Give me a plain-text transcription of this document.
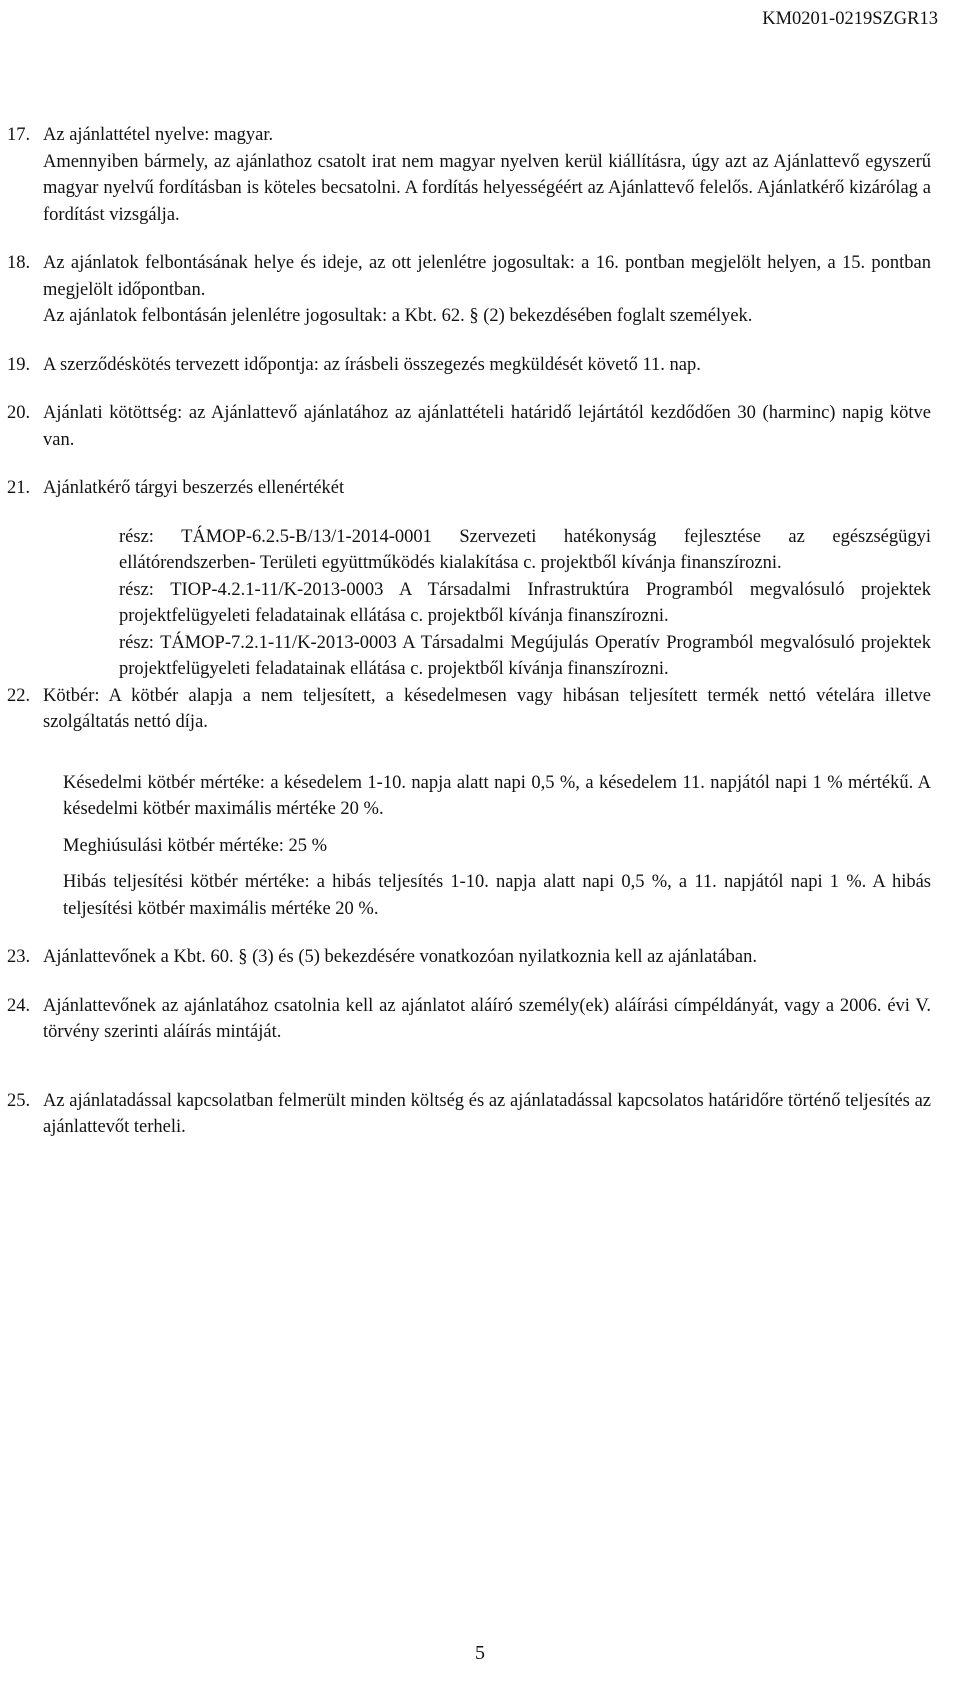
KM0201-0219SZGR13
17. Az ajánlattétel nyelve: magyar.

Amennyiben bármely, az ajánlathoz csatolt irat nem magyar nyelven kerül kiállításra, úgy azt az Ajánlattevő egyszerű magyar nyelvű fordításban is köteles becsatolni. A fordítás helyességéért az Ajánlattevő felelős. Ajánlatkérő kizárólag a fordítást vizsgálja.

18. Az ajánlatok felbontásának helye és ideje, az ott jelenlétre jogosultak: a 16. pontban megjelölt helyen, a 15. pontban megjelölt időpontban.

Az ajánlatok felbontásán jelenlétre jogosultak: a Kbt. 62. § (2) bekezdésében foglalt személyek.

19. A szerződéskötés tervezett időpontja: az írásbeli összegezés megküldését követő 11. nap.

20. Ajánlati kötöttség: az Ajánlattevő ajánlatához az ajánlattételi határidő lejártától kezdődően 30 (harminc) napig kötve van.

21. Ajánlatkérő tárgyi beszerzés ellenértékét

rész: TÁMOP-6.2.5-B/13/1-2014-0001 Szervezeti hatékonyság fejlesztése az egészségügyi ellátórendszerben- Területi együttműködés kialakítása c. projektből kívánja finanszírozni.

rész: TIOP-4.2.1-11/K-2013-0003 A Társadalmi Infrastruktúra Programból megvalósuló projektek projektfelügyeleti feladatainak ellátása c. projektből kívánja finanszírozni.

rész: TÁMOP-7.2.1-11/K-2013-0003 A Társadalmi Megújulás Operatív Programból megvalósuló projektek projektfelügyeleti feladatainak ellátása c. projektből kívánja finanszírozni.

22. Kötbér: A kötbér alapja a nem teljesített, a késedelmesen vagy hibásan teljesített termék nettó vételára illetve szolgáltatás nettó díja.

Késedelmi kötbér mértéke: a késedelem 1-10. napja alatt napi 0,5 %, a késedelem 11. napjától napi 1 % mértékű. A késedelmi kötbér maximális mértéke 20 %.

Meghiúsulási kötbér mértéke: 25 %

Hibás teljesítési kötbér mértéke: a hibás teljesítés 1-10. napja alatt napi 0,5 %, a 11. napjától napi 1 %. A hibás teljesítési kötbér maximális mértéke 20 %.

23. Ajánlattevőnek a Kbt. 60. § (3) és (5) bekezdésére vonatkozóan nyilatkoznia kell az ajánlatában.

24. Ajánlattevőnek az ajánlatához csatolnia kell az ajánlatot aláíró személy(ek) aláírási címpéldányát, vagy a 2006. évi V. törvény szerinti aláírás mintáját.

25. Az ajánlatadással kapcsolatban felmerült minden költség és az ajánlatadással kapcsolatos határidőre történő teljesítés az ajánlattevőt terheli.

5
